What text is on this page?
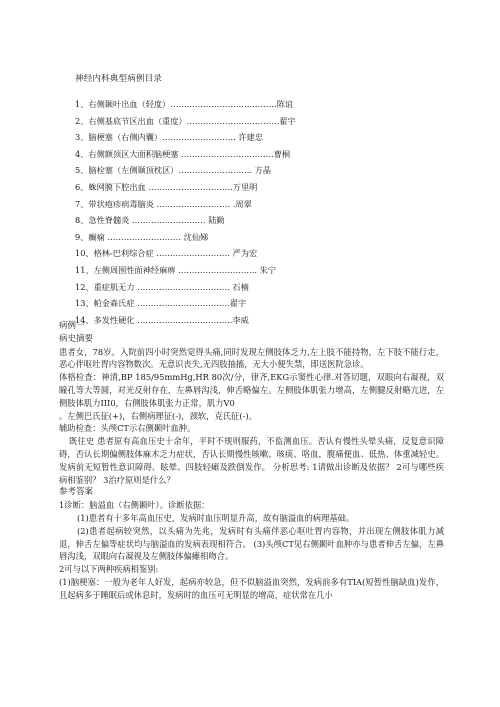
神经内科典型病例目录
1、右侧颞叶出血（轻度）…………………………………陈谊
2、右侧基底节区出血（重度）…………………………….翟宇
3、脑梗塞（右侧内囊）……………………… 许建忠
4、右侧额顶区大面积脑梗塞 …………………………….曹桐
5、脑栓塞（左侧颞顶枕区）……………………… 方晶
6、蛛网膜下腔出血 ………………………….万里明
7、带状疱疹病毒脑炎 ……………………… .周翠
8、急性脊髓炎 ……………………… 陆勤
9、癫痫 ……………………… 沈仙娣
10、格林-巴利综合症 ……………………… 严为宏
11、左侧周围性面神经麻痹 ……………………….. 朱宁
12、重症肌无力 ……………………………. 石楠
13、帕金森氏症 …………………………….翟宇
14、多发性硬化 ……………………………..李威

病例一

病史摘要

患者女，78岁。入院前四小时突然觉得头痛,同时发现左侧肢体乏力,左上肢不能持物，左下肢不能行走，恶心伴呕吐胃内容物数次。无意识丧失,无四肢抽搐，无大小便失禁，即送医院急诊。

体格检查：神清,BP 185/95mmHg,HR 80次/分，律齐,EKG示窦性心律.对答切题，双眼向右凝视，双瞳孔等大等圆，对光反射存在，左鼻唇沟浅，伸舌略偏左。左侧肢体肌张力增高，左侧腱反射略亢进，左侧肢体肌力III0，右侧肢体肌张力正常，肌力V0

。左侧巴氏征(+)，右侧病理征(-)，颈软，克氏征(-)。

辅助检查：头颅CT示右侧颞叶血肿。

既往史 患者原有高血压史十余年，平时不规则服药，不监测血压。否认有慢性头晕头痛，反复意识障碍，否认长期偏侧肢体麻木乏力症状，否认长期慢性咳嗽、咳痰、咯血，腹痛便血、低热、体重减轻史。发病前无短暂性意识障碍、眩晕、四肢轻瘫及跌倒发作。 分析思考: 1请做出诊断及依据？ 2可与哪些疾病相鉴别？ 3治疗原则是什么？

参考答案

1诊断：脑溢血（右侧颞叶）。诊断依据：

(1)患者有十多年高血压史，发病时血压明显升高，故有脑溢血的病理基础。

(2)患者起病较突然，以头痛为先兆，发病时有头痛伴恶心呕吐胃内容物，并出现左侧肢体肌力减退，伸舌左偏等症状均与脑溢血的发病表现相符合。 (3)头颅CT见右侧颞叶血肿亦与患者伸舌左偏，左鼻唇沟浅，双眼向右凝视及左侧肢体偏瘫相吻合。

2可与以下两种疾病相鉴别:

(1)脑梗塞：一般为老年人好发，起病亦较急，但不似脑溢血突然，发病前多有TIA(短暂性脑缺血)发作，且起病多于睡眠后或休息时，发病时的血压可无明显的增高，症状常在几小
